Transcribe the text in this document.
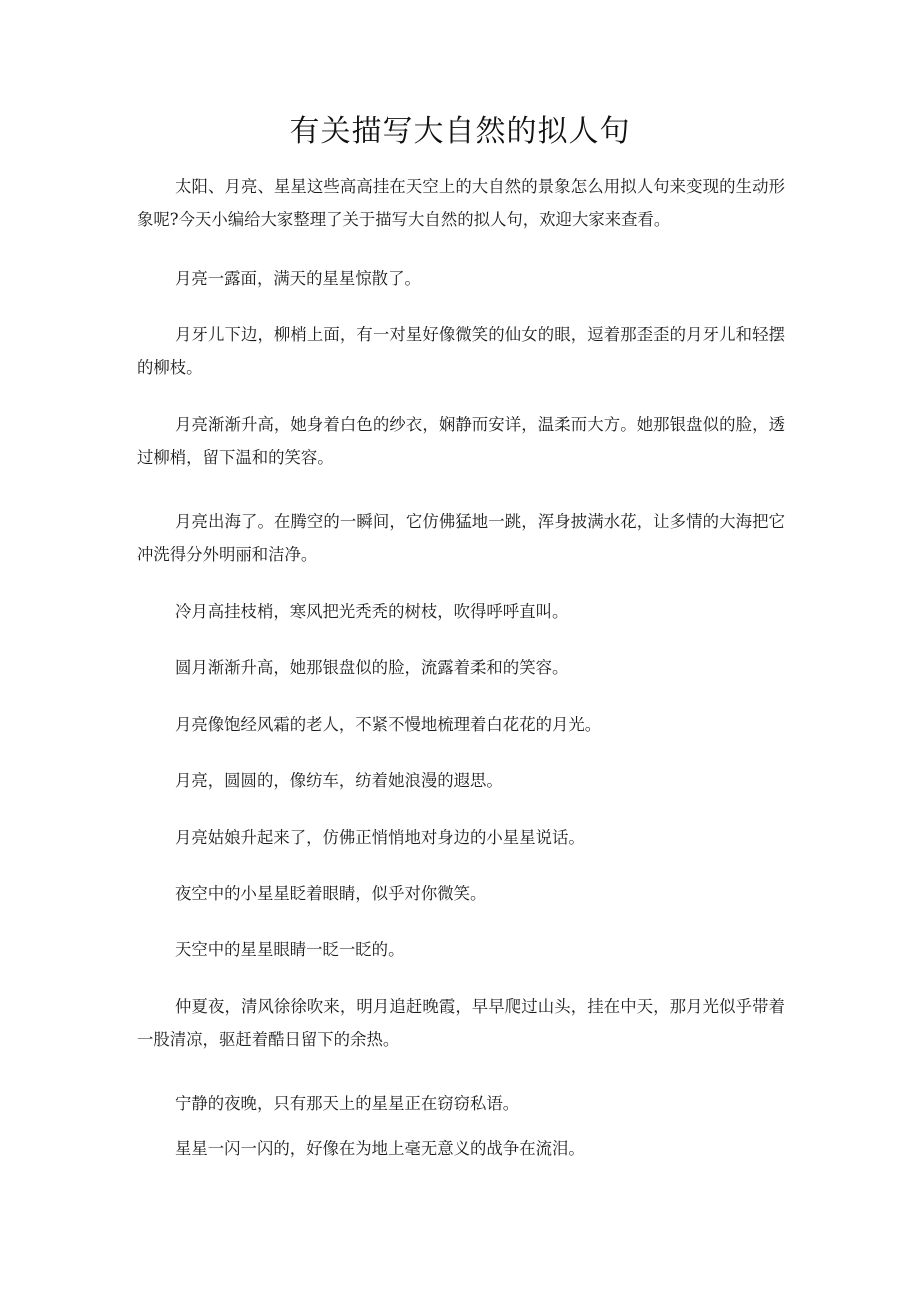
有关描写大自然的拟人句

太阳、月亮、星星这些高高挂在天空上的大自然的景象怎么用拟人句来变现的生动形象呢?今天小编给大家整理了关于描写大自然的拟人句，欢迎大家来查看。

月亮一露面，满天的星星惊散了。

月牙儿下边，柳梢上面，有一对星好像微笑的仙女的眼，逗着那歪歪的月牙儿和轻摆的柳枝。

月亮渐渐升高，她身着白色的纱衣，娴静而安详，温柔而大方。她那银盘似的脸，透过柳梢，留下温和的笑容。

月亮出海了。在腾空的一瞬间，它仿佛猛地一跳，浑身披满水花，让多情的大海把它冲洗得分外明丽和洁净。

冷月高挂枝梢，寒风把光秃秃的树枝，吹得呼呼直叫。

圆月渐渐升高，她那银盘似的脸，流露着柔和的笑容。

月亮像饱经风霜的老人，不紧不慢地梳理着白花花的月光。

月亮，圆圆的，像纺车，纺着她浪漫的遐思。

月亮姑娘升起来了，仿佛正悄悄地对身边的小星星说话。

夜空中的小星星眨着眼睛，似乎对你微笑。

天空中的星星眼睛一眨一眨的。

仲夏夜，清风徐徐吹来，明月追赶晚霞，早早爬过山头，挂在中天，那月光似乎带着一股清凉，驱赶着酷日留下的余热。

宁静的夜晚，只有那天上的星星正在窃窃私语。

星星一闪一闪的，好像在为地上毫无意义的战争在流泪。
